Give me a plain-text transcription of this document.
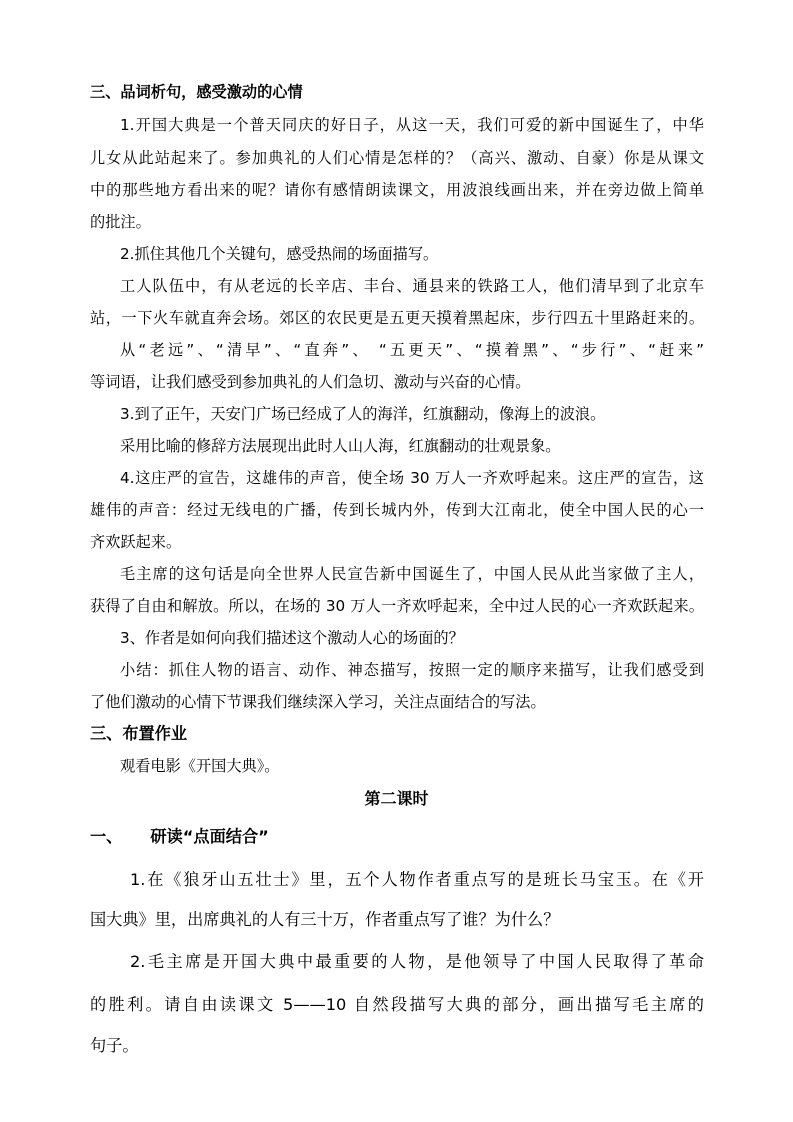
三、品词析句，感受激动的心情
1.开国大典是一个普天同庆的好日子，从这一天，我们可爱的新中国诞生了，中华
儿女从此站起来了。参加典礼的人们心情是怎样的？（高兴、激动、自豪）你是从课文
中的那些地方看出来的呢？请你有感情朗读课文，用波浪线画出来，并在旁边做上简单
的批注。
2.抓住其他几个关键句，感受热闹的场面描写。
工人队伍中，有从老远的长辛店、丰台、通县来的铁路工人，他们清早到了北京车
站，一下火车就直奔会场。郊区的农民更是五更天摸着黑起床，步行四五十里路赶来的。
从“老远”、“清早”、“直奔”、 “五更天”、“摸着黑”、“步行”、“赶来”
等词语，让我们感受到参加典礼的人们急切、激动与兴奋的心情。
3.到了正午，天安门广场已经成了人的海洋，红旗翻动，像海上的波浪。
采用比喻的修辞方法展现出此时人山人海，红旗翻动的壮观景象。
4.这庄严的宣告，这雄伟的声音，使全场 30 万人一齐欢呼起来。这庄严的宣告，这
雄伟的声音：经过无线电的广播，传到长城内外，传到大江南北，使全中国人民的心一
齐欢跃起来。
毛主席的这句话是向全世界人民宣告新中国诞生了，中国人民从此当家做了主人，
获得了自由和解放。所以，在场的 30 万人一齐欢呼起来，全中过人民的心一齐欢跃起来。
3、作者是如何向我们描述这个激动人心的场面的？
小结：抓住人物的语言、动作、神态描写，按照一定的顺序来描写，让我们感受到
了他们激动的心情下节课我们继续深入学习，关注点面结合的写法。
三、布置作业
观看电影《开国大典》。
第二课时
一、 研读“点面结合”
1.在《狼牙山五壮士》里，五个人物作者重点写的是班长马宝玉。在《开
国大典》里，出席典礼的人有三十万，作者重点写了谁？为什么？
2.毛主席是开国大典中最重要的人物，是他领导了中国人民取得了革命
的胜利。请自由读课文 5——10 自然段描写大典的部分，画出描写毛主席的
句子。
